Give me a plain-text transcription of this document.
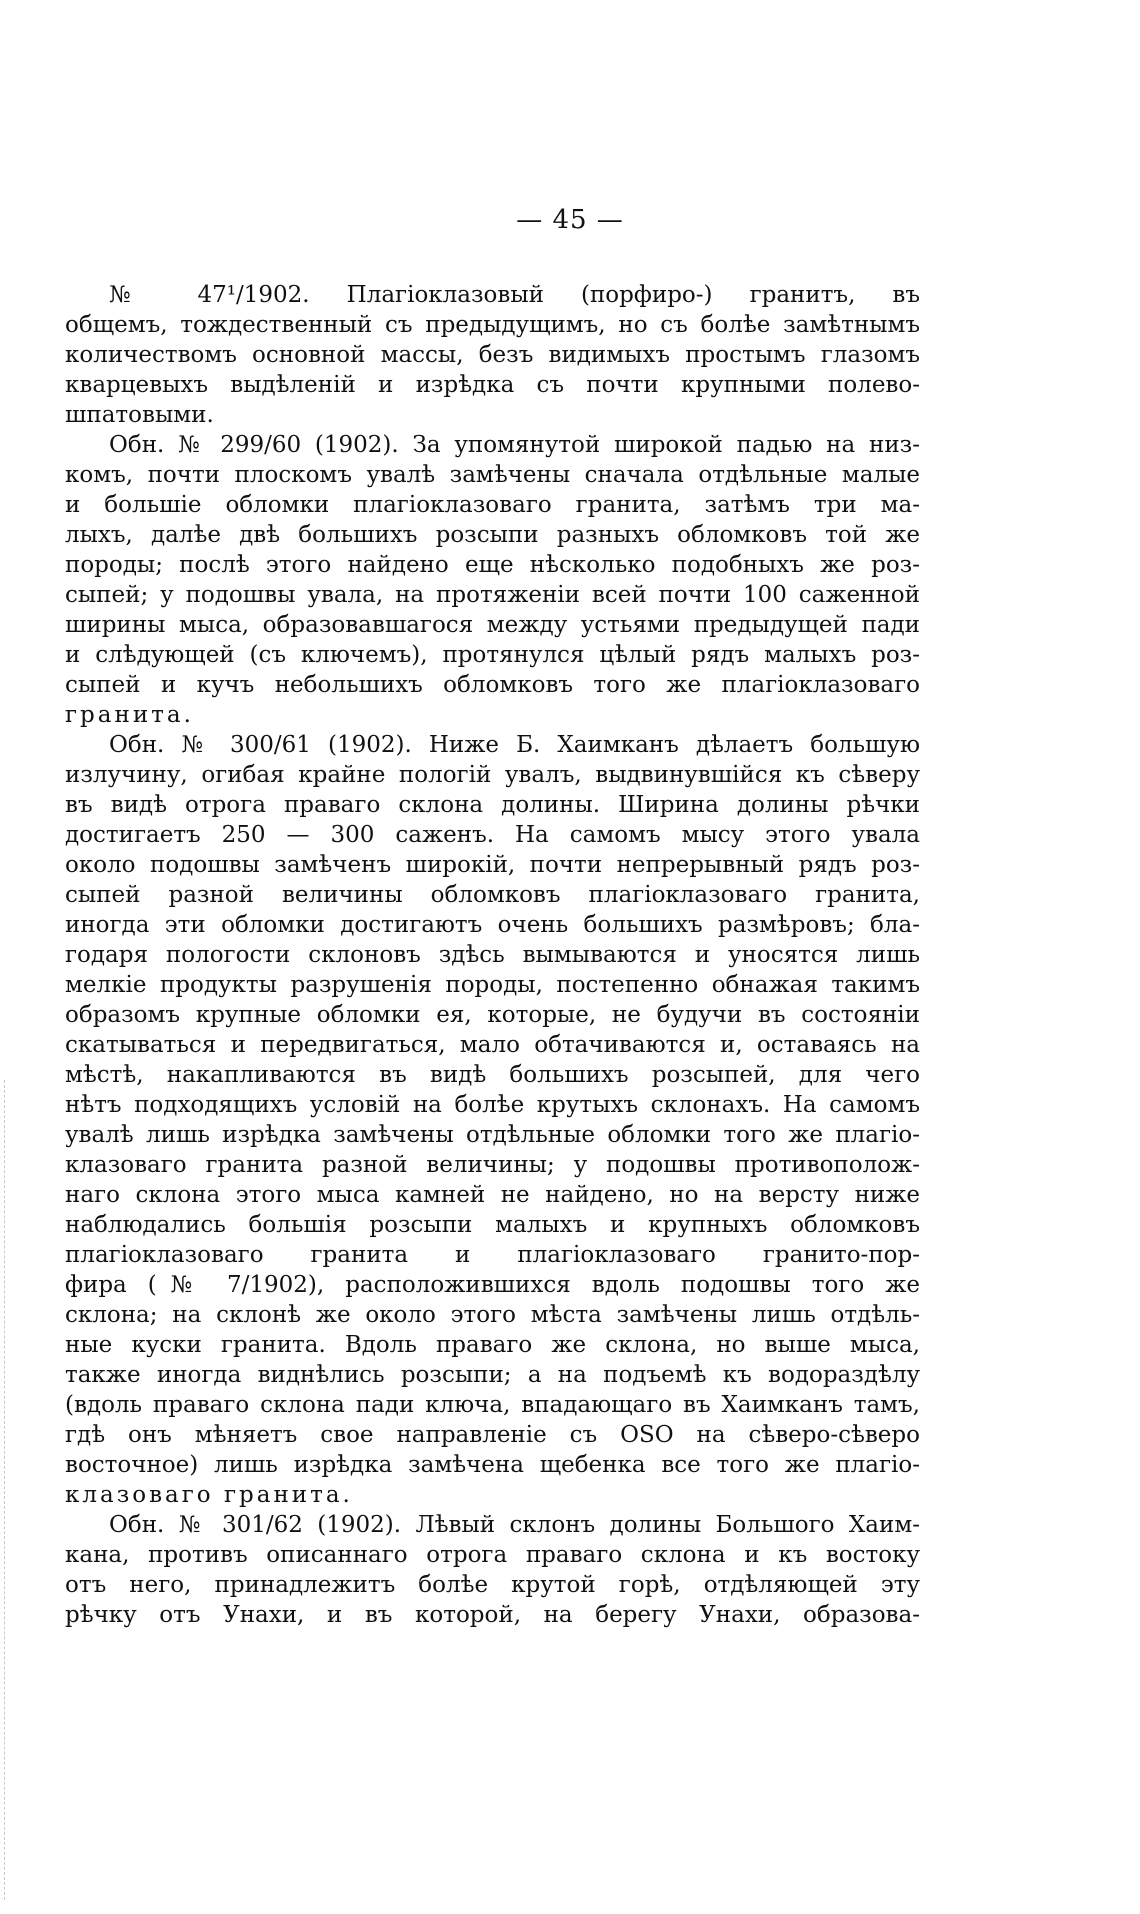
— 45 —
№ 47¹/1902. Плагіоклазовый (порфиро-) гранитъ, въ
общемъ, тождественный съ предыдущимъ, но съ болѣе замѣтнымъ
количествомъ основной массы, безъ видимыхъ простымъ глазомъ
кварцевыхъ выдѣленій и изрѣдка съ почти крупными полево-
шпатовыми.
Обн. № 299/60 (1902). За упомянутой широкой падью на низ-
комъ, почти плоскомъ увалѣ замѣчены сначала отдѣльные малые
и большіе обломки плагіоклазоваго гранита, затѣмъ три ма-
лыхъ, далѣе двѣ большихъ розсыпи разныхъ обломковъ той же
породы; послѣ этого найдено еще нѣсколько подобныхъ же роз-
сыпей; у подошвы увала, на протяженіи всей почти 100 саженной
ширины мыса, образовавшагося между устьями предыдущей пади
и слѣдующей (съ ключемъ), протянулся цѣлый рядъ малыхъ роз-
сыпей и кучъ небольшихъ обломковъ того же плагіоклазоваго
гранита.
Обн. № 300/61 (1902). Ниже Б. Хаимканъ дѣлаетъ большую
излучину, огибая крайне пологій увалъ, выдвинувшійся къ сѣверу
въ видѣ отрога праваго склона долины. Ширина долины рѣчки
достигаетъ 250 — 300 саженъ. На самомъ мысу этого увала
около подошвы замѣченъ широкій, почти непрерывный рядъ роз-
сыпей разной величины обломковъ плагіоклазоваго гранита,
иногда эти обломки достигаютъ очень большихъ размѣровъ; бла-
годаря пологости склоновъ здѣсь вымываются и уносятся лишь
мелкіе продукты разрушенія породы, постепенно обнажая такимъ
образомъ крупные обломки ея, которые, не будучи въ состояніи
скатываться и передвигаться, мало обтачиваются и, оставаясь на
мѣстѣ, накапливаются въ видѣ большихъ розсыпей, для чего
нѣтъ подходящихъ условій на болѣе крутыхъ склонахъ. На самомъ
увалѣ лишь изрѣдка замѣчены отдѣльные обломки того же плагіо-
клазоваго гранита разной величины; у подошвы противополож-
наго склона этого мыса камней не найдено, но на версту ниже
наблюдались большія розсыпи малыхъ и крупныхъ обломковъ
плагіоклазоваго гранита и плагіоклазоваго гранито-пор-
фира (№ 7/1902), расположившихся вдоль подошвы того же
склона; на склонѣ же около этого мѣста замѣчены лишь отдѣль-
ные куски гранита. Вдоль праваго же склона, но выше мыса,
также иногда виднѣлись розсыпи; а на подъемѣ къ водораздѣлу
(вдоль праваго склона пади ключа, впадающаго въ Хаимканъ тамъ,
гдѣ онъ мѣняетъ свое направленіе съ OSO на сѣверо-сѣверо
восточное) лишь изрѣдка замѣчена щебенка все того же плагіо-
клазоваго гранита.
Обн. № 301/62 (1902). Лѣвый склонъ долины Большого Хаим-
кана, противъ описаннаго отрога праваго склона и къ востоку
отъ него, принадлежитъ болѣе крутой горѣ, отдѣляющей эту
рѣчку отъ Унахи, и въ которой, на берегу Унахи, образова-
